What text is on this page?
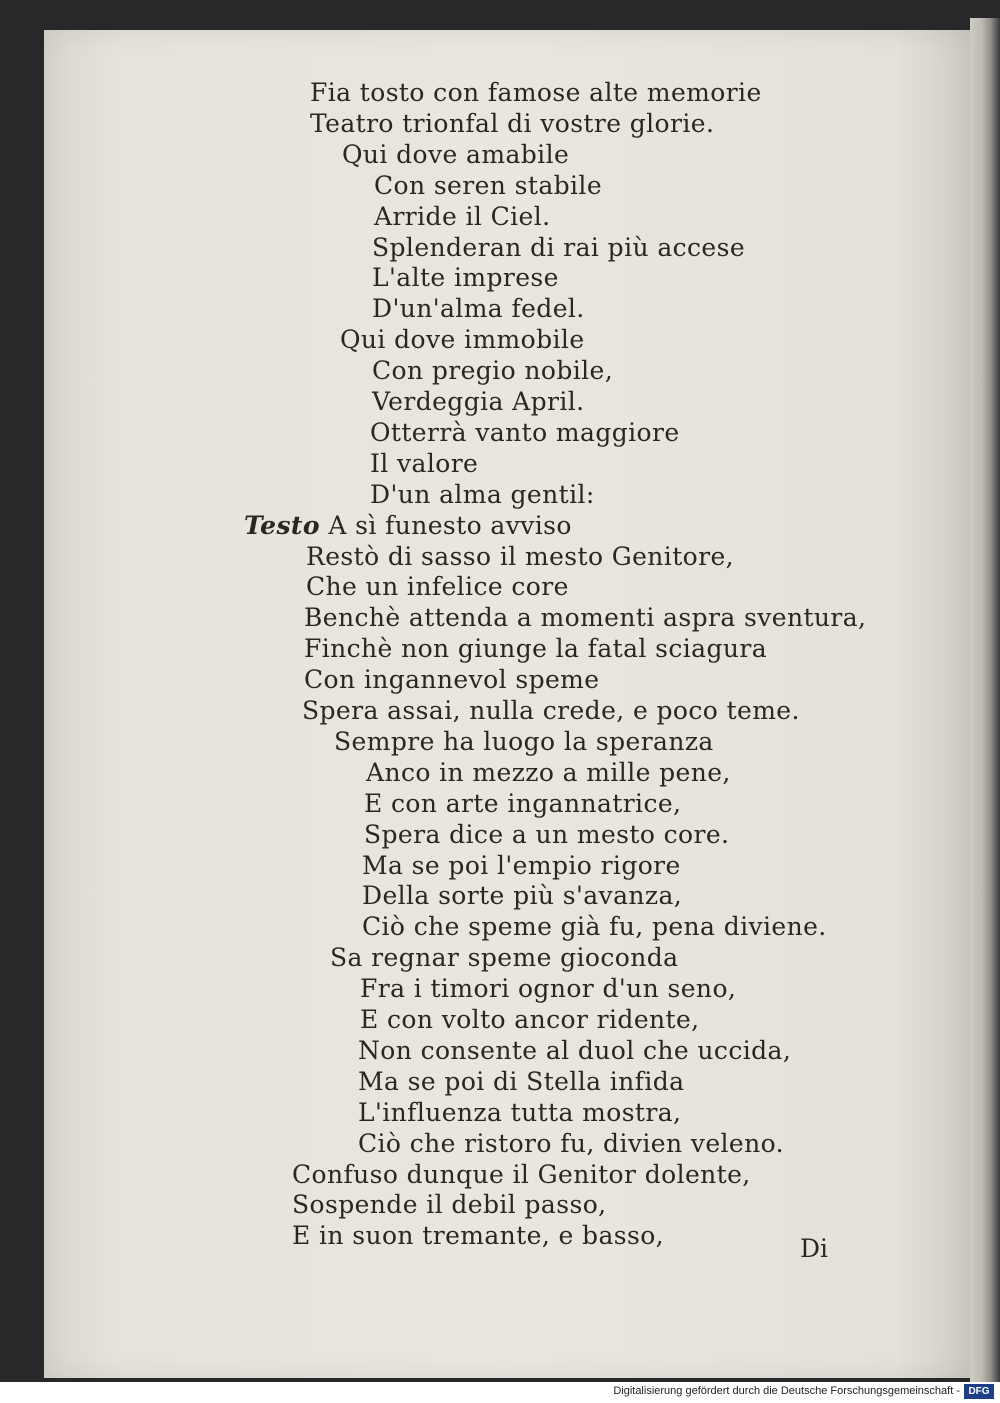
Fia tosto con famose alte memorie
Teatro trionfal di vostre glorie.
Qui dove amabile
Con seren stabile
Arride il Ciel.
Splenderan di rai più accese
L'alte imprese
D'un'alma fedel.
Qui dove immobile
Con pregio nobile,
Verdeggia April.
Otterrà vanto maggiore
Il valore
D'un alma gentil:
Testo A sì funesto avviso
Restò di sasso il mesto Genitore,
Che un infelice core
Benchè attenda a momenti aspra sventura,
Finchè non giunge la fatal sciagura
Con ingannevol speme
Spera assai, nulla crede, e poco teme.
Sempre ha luogo la speranza
Anco in mezzo a mille pene,
E con arte ingannatrice,
Spera dice a un mesto core.
Ma se poi l'empio rigore
Della sorte più s'avanza,
Ciò che speme già fu, pena diviene.
Sa regnar speme gioconda
Fra i timori ognor d'un seno,
E con volto ancor ridente,
Non consente al duol che uccida,
Ma se poi di Stella infida
L'influenza tutta mostra,
Ciò che ristoro fu, divien veleno.
Confuso dunque il Genitor dolente,
Sospende il debil passo,
E in suon tremante, e basso,	Di
Digitalisierung gefördert durch die Deutsche Forschungsgemeinschaft - DFG
